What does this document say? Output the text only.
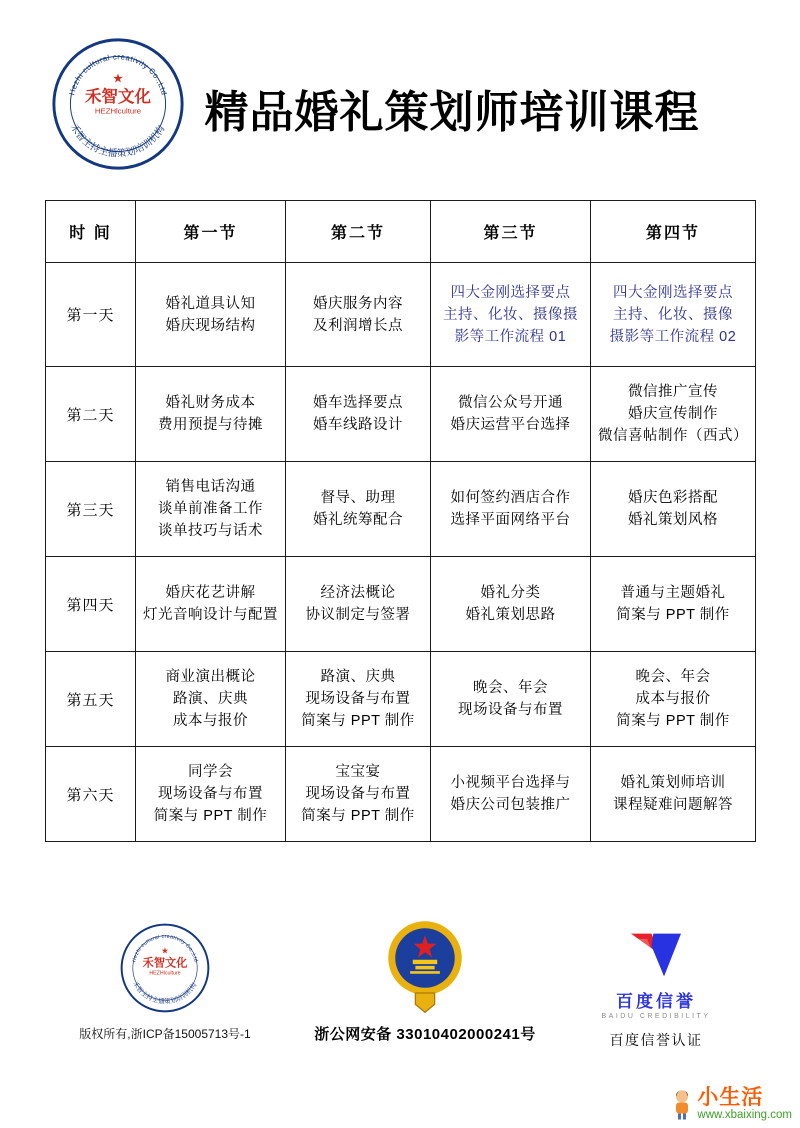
Hezhi cultural creativity Co.,Ltd
★
禾智文化
HEZHlculture
禾智主持主播策划培训机构 精品婚礼策划师培训课程
时 间	第一节	第二节	第三节	第四节
第一天	
婚礼道具认知
婚庆现场结构

婚庆服务内容
及利润增长点

四大金刚选择要点
主持、化妆、摄像摄
影等工作流程 01

四大金刚选择要点
主持、化妆、摄像
摄影等工作流程 02

第二天	
婚礼财务成本
费用预提与待摊

婚车选择要点
婚车线路设计

微信公众号开通
婚庆运营平台选择

微信推广宣传
婚庆宣传制作
微信喜帖制作（西式）

第三天	
销售电话沟通
谈单前准备工作
谈单技巧与话术

督导、助理
婚礼统筹配合

如何签约酒店合作
选择平面网络平台

婚庆色彩搭配
婚礼策划风格

第四天	
婚庆花艺讲解
灯光音响设计与配置

经济法概论
协议制定与签署

婚礼分类
婚礼策划思路

普通与主题婚礼
简案与 PPT 制作

第五天	
商业演出概论
路演、庆典
成本与报价

路演、庆典
现场设备与布置
简案与 PPT 制作

晚会、年会
现场设备与布置

晚会、年会
成本与报价
简案与 PPT 制作

第六天	
同学会
现场设备与布置
简案与 PPT 制作

宝宝宴
现场设备与布置
简案与 PPT 制作

小视频平台选择与
婚庆公司包装推广

婚礼策划师培训
课程疑难问题解答
Hezhi cultural creativity Co.,Ltd
★
禾智文化
HEZHlculture
禾智主持主播策划培训机构
版权所有,浙ICP备15005713号-1	浙公网安备 33010402000241号
百度信誉
BAIDU CREDIBILITY
百度信誉认证
小生活
www.xbaixing.com
